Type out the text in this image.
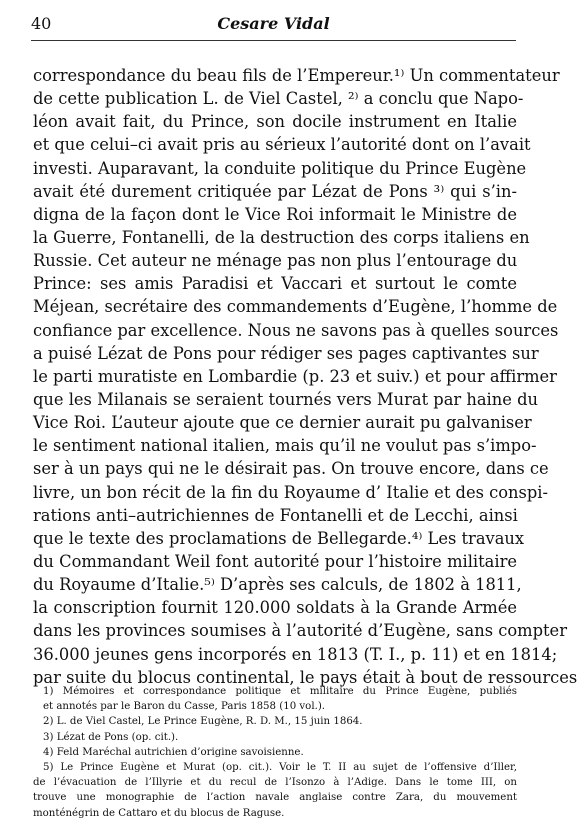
40	Cesare Vidal
correspondance du beau fils de l’Empereur.¹⁾ Un commentateur
de cette publication L. de Viel Castel, ²⁾ a conclu que Napo-
léon avait fait, du Prince, son docile instrument en Italie
et que celui–ci avait pris au sérieux l’autorité dont on l’avait
investi. Auparavant, la conduite politique du Prince Eugène
avait été durement critiquée par Lézat de Pons ³⁾ qui s’in-
digna de la façon dont le Vice Roi informait le Ministre de
la Guerre, Fontanelli, de la destruction des corps italiens en
Russie. Cet auteur ne ménage pas non plus l’entourage du
Prince: ses amis Paradisi et Vaccari et surtout le comte
Méjean, secrétaire des commandements d’Eugène, l’homme de
confiance par excellence. Nous ne savons pas à quelles sources
a puisé Lézat de Pons pour rédiger ses pages captivantes sur
le parti muratiste en Lombardie (p. 23 et suiv.) et pour affirmer
que les Milanais se seraient tournés vers Murat par haine du
Vice Roi. L’auteur ajoute que ce dernier aurait pu galvaniser
le sentiment national italien, mais qu’il ne voulut pas s’impo-
ser à un pays qui ne le désirait pas. On trouve encore, dans ce
livre, un bon récit de la fin du Royaume d’ Italie et des conspi-
rations anti–autrichiennes de Fontanelli et de Lecchi, ainsi
que le texte des proclamations de Bellegarde.⁴⁾ Les travaux
du Commandant Weil font autorité pour l’histoire militaire
du Royaume d’Italie.⁵⁾ D’après ses calculs, de 1802 à 1811,
la conscription fournit 120.000 soldats à la Grande Armée
dans les provinces soumises à l’autorité d’Eugène, sans compter
36.000 jeunes gens incorporés en 1813 (T. I., p. 11) et en 1814;
par suite du blocus continental, le pays était à bout de ressources
1) Mémoires et correspondance politique et militaire du Prince Eugène, publiés
et annotés par le Baron du Casse, Paris 1858 (10 vol.).
2) L. de Viel Castel, Le Prince Eugène, R. D. M., 15 juin 1864.
3) Lézat de Pons (op. cit.).
4) Feld Maréchal autrichien d’origine savoisienne.
5) Le Prince Eugène et Murat (op. cit.). Voir le T. II au sujet de l’offensive d’Iller,
de l’évacuation de l’Illyrie et du recul de l’Isonzo à l’Adige. Dans le tome III, on
trouve une monographie de l’action navale anglaise contre Zara, du mouvement
monténégrin de Cattaro et du blocus de Raguse.
